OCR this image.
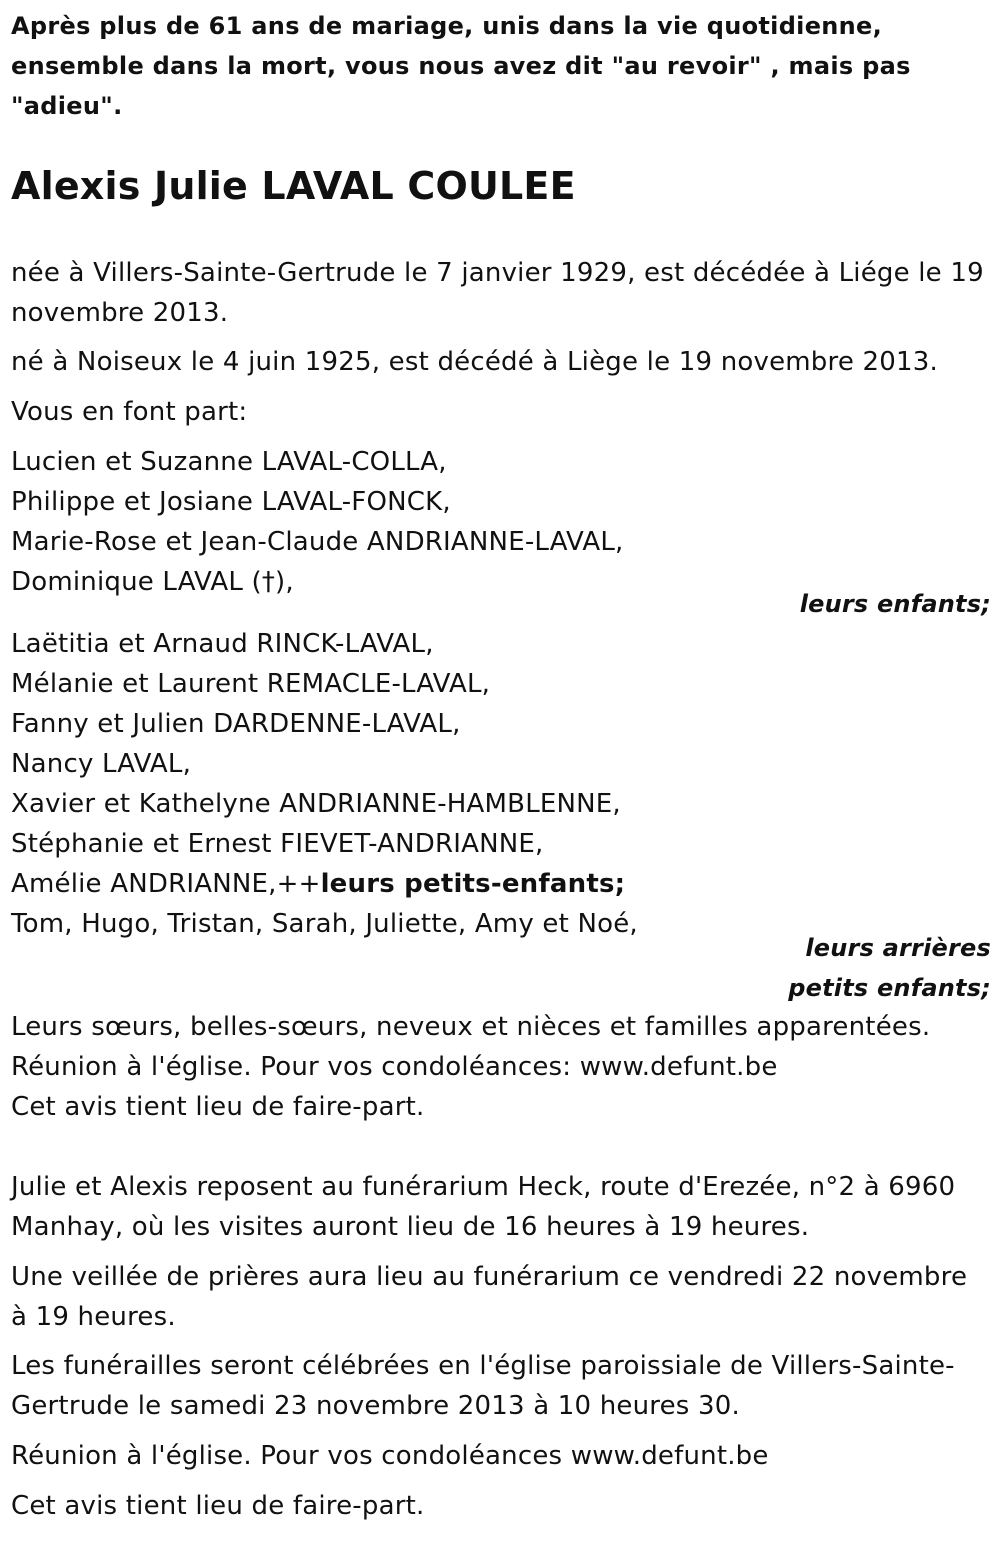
Après plus de 61 ans de mariage, unis dans la vie quotidienne,
ensemble dans la mort, vous nous avez dit "au revoir" , mais pas
"adieu".

Alexis Julie LAVAL COULEE
née à Villers-Sainte-Gertrude le 7 janvier 1929, est décédée à Liége le 19
novembre 2013.
né à Noiseux le 4 juin 1925, est décédé à Liège le 19 novembre 2013.
Vous en font part:
Lucien et Suzanne LAVAL-COLLA,
Philippe et Josiane LAVAL-FONCK,
Marie-Rose et Jean-Claude ANDRIANNE-LAVAL,
Dominique LAVAL (†),
leurs enfants;
Laëtitia et Arnaud RINCK-LAVAL,
Mélanie et Laurent REMACLE-LAVAL,
Fanny et Julien DARDENNE-LAVAL,
Nancy LAVAL,
Xavier et Kathelyne ANDRIANNE-HAMBLENNE,
Stéphanie et Ernest FIEVET-ANDRIANNE,
Amélie ANDRIANNE,++leurs petits-enfants;
Tom, Hugo, Tristan, Sarah, Juliette, Amy et Noé,
leurs arrières
petits enfants;
Leurs sœurs, belles-sœurs, neveux et nièces et familles apparentées.
Réunion à l'église. Pour vos condoléances: www.defunt.be
Cet avis tient lieu de faire-part.
Julie et Alexis reposent au funérarium Heck, route d'Erezée, n°2 à 6960
Manhay, où les visites auront lieu de 16 heures à 19 heures.
Une veillée de prières aura lieu au funérarium ce vendredi 22 novembre
à 19 heures.
Les funérailles seront célébrées en l'église paroissiale de Villers-Sainte-
Gertrude le samedi 23 novembre 2013 à 10 heures 30.
Réunion à l'église. Pour vos condoléances www.defunt.be
Cet avis tient lieu de faire-part.
